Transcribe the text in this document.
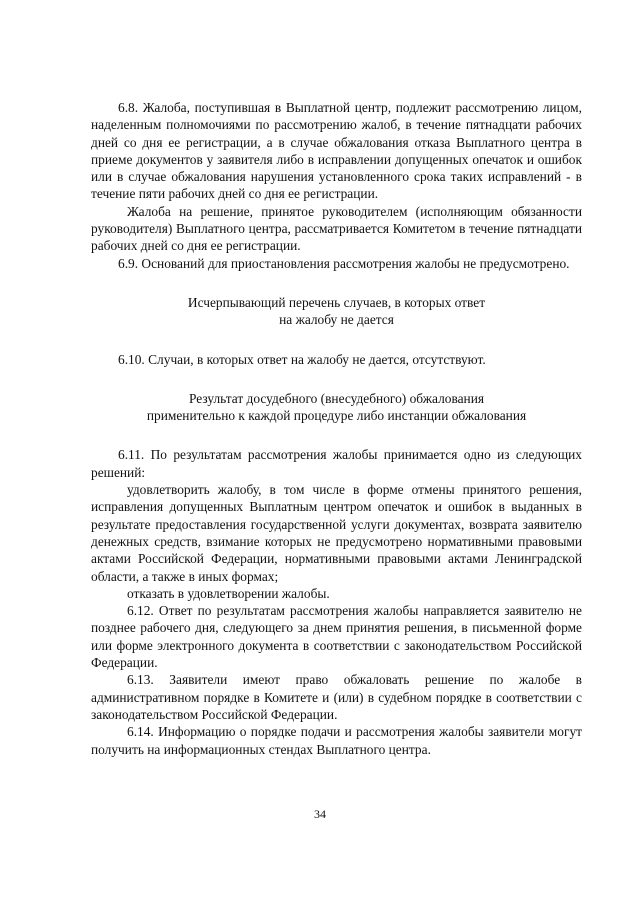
6.8. Жалоба, поступившая в Выплатной центр, подлежит рассмотрению лицом, наделенным полномочиями по рассмотрению жалоб, в течение пятнадцати рабочих дней со дня ее регистрации, а в случае обжалования отказа Выплатного центра в приеме документов у заявителя либо в исправлении допущенных опечаток и ошибок или в случае обжалования нарушения установленного срока таких исправлений - в течение пяти рабочих дней со дня ее регистрации.

Жалоба на решение, принятое руководителем (исполняющим обязанности руководителя) Выплатного центра, рассматривается Комитетом в течение пятнадцати рабочих дней со дня ее регистрации.

6.9. Оснований для приостановления рассмотрения жалобы не предусмотрено.

Исчерпывающий перечень случаев, в которых ответ
на жалобу не дается

6.10. Случаи, в которых ответ на жалобу не дается, отсутствуют.

Результат досудебного (внесудебного) обжалования
применительно к каждой процедуре либо инстанции обжалования

6.11. По результатам рассмотрения жалобы принимается одно из следующих решений:

удовлетворить жалобу, в том числе в форме отмены принятого решения, исправления допущенных Выплатным центром опечаток и ошибок в выданных в результате предоставления государственной услуги документах, возврата заявителю денежных средств, взимание которых не предусмотрено нормативными правовыми актами Российской Федерации, нормативными правовыми актами Ленинградской области, а также в иных формах;

отказать в удовлетворении жалобы.

6.12. Ответ по результатам рассмотрения жалобы направляется заявителю не позднее рабочего дня, следующего за днем принятия решения, в письменной форме или форме электронного документа в соответствии с законодательством Российской Федерации.

6.13. Заявители имеют право обжаловать решение по жалобе в административном порядке в Комитете и (или) в судебном порядке в соответствии с законодательством Российской Федерации.

6.14. Информацию о порядке подачи и рассмотрения жалобы заявители могут получить на информационных стендах Выплатного центра.

34
